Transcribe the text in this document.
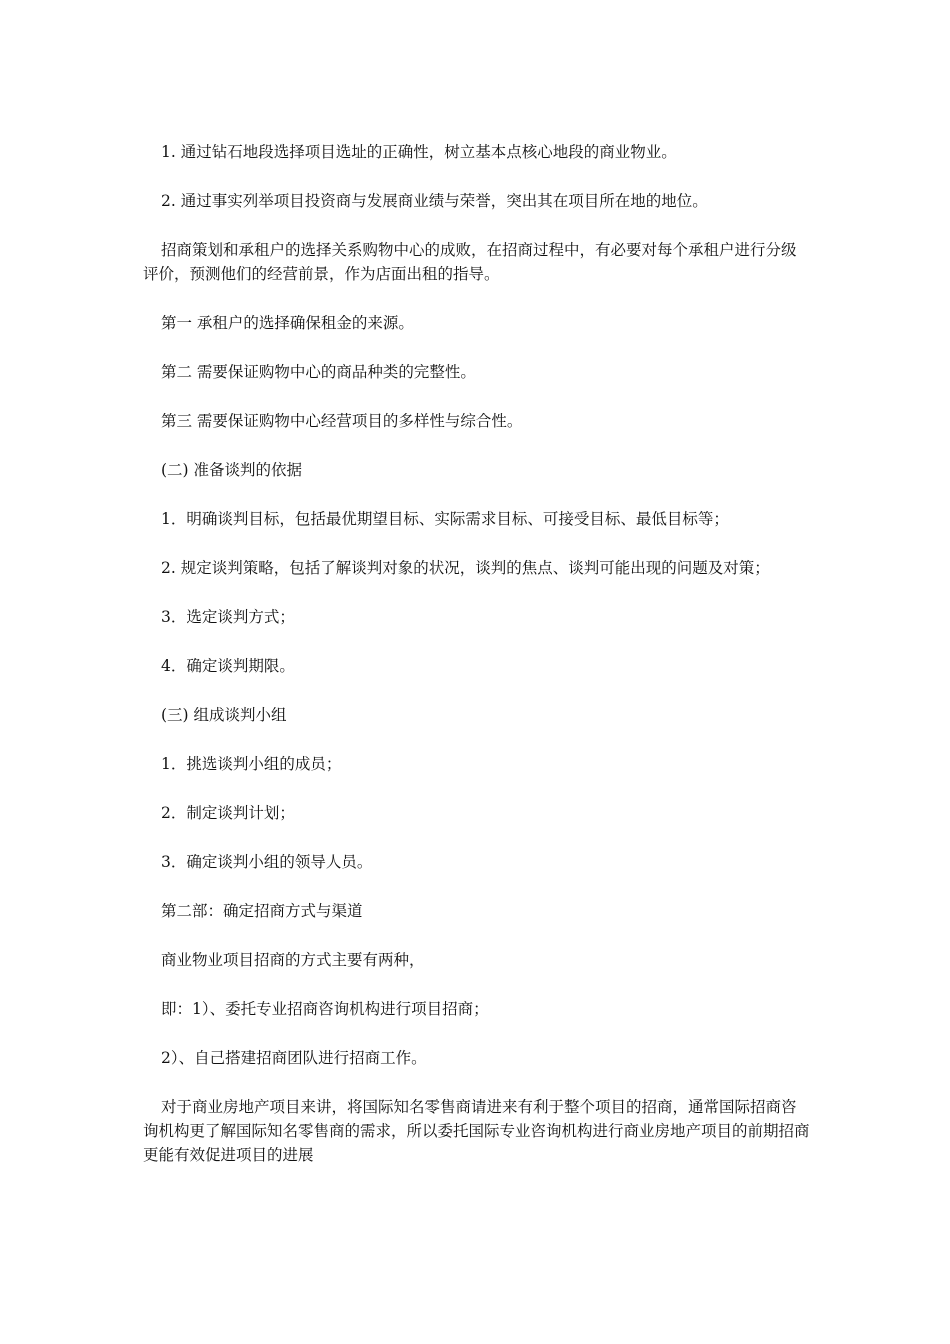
1. 通过钻石地段选择项目选址的正确性，树立基本点核心地段的商业物业。

2. 通过事实列举项目投资商与发展商业绩与荣誉，突出其在项目所在地的地位。

招商策划和承租户的选择关系购物中心的成败，在招商过程中，有必要对每个承租户进行分级评价，预测他们的经营前景，作为店面出租的指导。

第一 承租户的选择确保租金的来源。

第二 需要保证购物中心的商品种类的完整性。

第三 需要保证购物中心经营项目的多样性与综合性。

(二) 准备谈判的依据

1．明确谈判目标，包括最优期望目标、实际需求目标、可接受目标、最低目标等；

2. 规定谈判策略，包括了解谈判对象的状况，谈判的焦点、谈判可能出现的问题及对策；

3．选定谈判方式；

4．确定谈判期限。

(三) 组成谈判小组

1．挑选谈判小组的成员；

2．制定谈判计划；

3．确定谈判小组的领导人员。

第二部：确定招商方式与渠道

商业物业项目招商的方式主要有两种，

即：1）、委托专业招商咨询机构进行项目招商；

2）、自己搭建招商团队进行招商工作。

对于商业房地产项目来讲，将国际知名零售商请进来有利于整个项目的招商，通常国际招商咨询机构更了解国际知名零售商的需求，所以委托国际专业咨询机构进行商业房地产项目的前期招商更能有效促进项目的进展
